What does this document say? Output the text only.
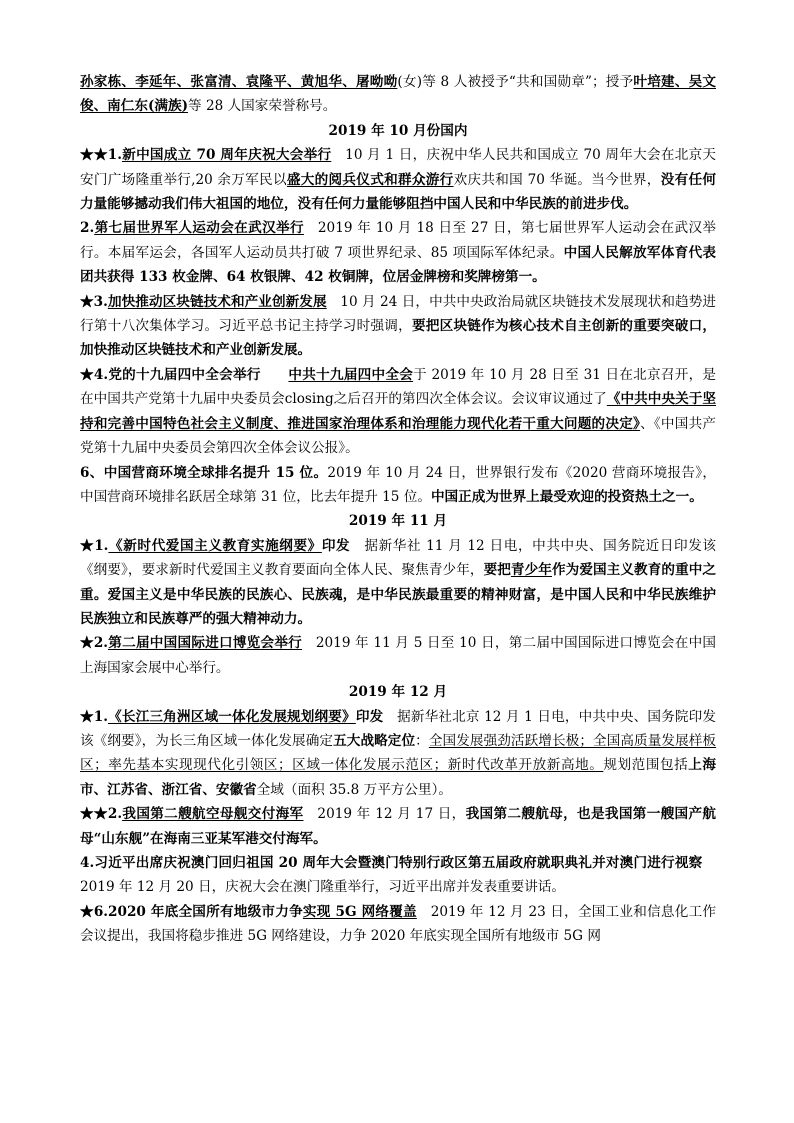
孙家栋、李延年、张富清、袁隆平、黄旭华、屠呦呦(女)等 8 人被授予“共和国勋章”；授予叶培建、吴文俊、南仁东(满族)等 28 人国家荣誉称号。

2019 年 10 月份国内

★★1.新中国成立 70 周年庆祝大会举行　10 月 1 日，庆祝中华人民共和国成立 70 周年大会在北京天安门广场隆重举行,20 余万军民以盛大的阅兵仪式和群众游行欢庆共和国 70 华诞。当今世界，没有任何力量能够撼动我们伟大祖国的地位，没有任何力量能够阻挡中国人民和中华民族的前进步伐。

2.第七届世界军人运动会在武汉举行　2019 年 10 月 18 日至 27 日，第七届世界军人运动会在武汉举行。本届军运会，各国军人运动员共打破 7 项世界纪录、85 项国际军体纪录。中国人民解放军体育代表团共获得 133 枚金牌、64 枚银牌、42 枚铜牌，位居金牌榜和奖牌榜第一。

★3.加快推动区块链技术和产业创新发展　10 月 24 日，中共中央政治局就区块链技术发展现状和趋势进行第十八次集体学习。习近平总书记主持学习时强调，要把区块链作为核心技术自主创新的重要突破口，加快推动区块链技术和产业创新发展。

★4.党的十九届四中全会举行　　 中共十九届四中全会于 2019 年 10 月 28 日至 31 日在北京召开，是在中国共产党第十九届中央委员会closing之后召开的第四次全体会议。会议审议通过了《中共中央关于坚持和完善中国特色社会主义制度、推进国家治理体系和治理能力现代化若干重大问题的决定》、《中国共产党第十九届中央委员会第四次全体会议公报》。

6、中国营商环境全球排名提升 15 位。2019 年 10 月 24 日，世界银行发布《2020 营商环境报告》，中国营商环境排名跃居全球第 31 位，比去年提升 15 位。中国正成为世界上最受欢迎的投资热土之一。

2019 年 11 月

★1.《新时代爱国主义教育实施纲要》印发　据新华社 11 月 12 日电，中共中央、国务院近日印发该《纲要》，要求新时代爱国主义教育要面向全体人民、聚焦青少年，要把青少年作为爱国主义教育的重中之重。爱国主义是中华民族的民族心、民族魂，是中华民族最重要的精神财富，是中国人民和中华民族维护民族独立和民族尊严的强大精神动力。

★2.第二届中国国际进口博览会举行　2019 年 11 月 5 日至 10 日，第二届中国国际进口博览会在中国上海国家会展中心举行。

2019 年 12 月

★1.《长江三角洲区域一体化发展规划纲要》印发　据新华社北京 12 月 1 日电，中共中央、国务院印发该《纲要》，为长三角区域一体化发展确定五大战略定位：全国发展强劲活跃增长极；全国高质量发展样板区；率先基本实现现代化引领区；区域一体化发展示范区；新时代改革开放新高地。规划范围包括上海市、江苏省、浙江省、安徽省全域（面积 35.8 万平方公里）。

★★2.我国第二艘航空母舰交付海军　2019 年 12 月 17 日，我国第二艘航母，也是我国第一艘国产航母“山东舰”在海南三亚某军港交付海军。

4.习近平出席庆祝澳门回归祖国 20 周年大会暨澳门特别行政区第五届政府就职典礼并对澳门进行视察　2019 年 12 月 20 日，庆祝大会在澳门隆重举行，习近平出席并发表重要讲话。

★6.2020 年底全国所有地级市力争实现 5G 网络覆盖　2019 年 12 月 23 日，全国工业和信息化工作会议提出，我国将稳步推进 5G 网络建设，力争 2020 年底实现全国所有地级市 5G 网
